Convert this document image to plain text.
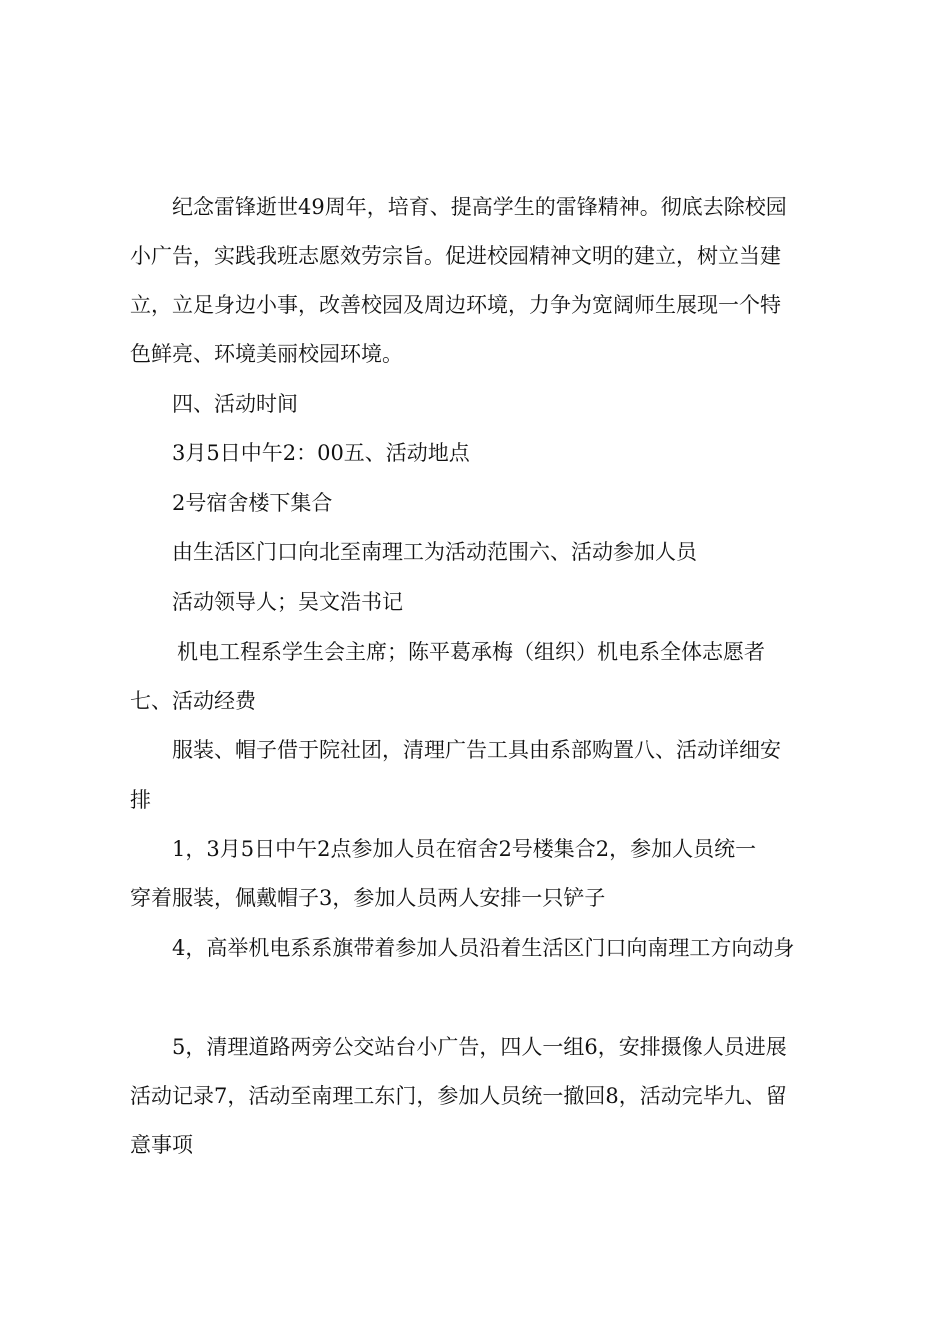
纪念雷锋逝世49周年，培育、提高学生的雷锋精神。彻底去除校园
小广告，实践我班志愿效劳宗旨。促进校园精神文明的建立，树立当建
立，立足身边小事，改善校园及周边环境，力争为宽阔师生展现一个特
色鲜亮、环境美丽校园环境。
四、活动时间
3月5日中午2：00五、活动地点
2号宿舍楼下集合
由生活区门口向北至南理工为活动范围六、活动参加人员
活动领导人；吴文浩书记
机电工程系学生会主席；陈平葛承梅（组织）机电系全体志愿者
七、活动经费
服装、帽子借于院社团，清理广告工具由系部购置八、活动详细安
排
1，3月5日中午2点参加人员在宿舍2号楼集合2，参加人员统一
穿着服装，佩戴帽子3，参加人员两人安排一只铲子
4，高举机电系系旗带着参加人员沿着生活区门口向南理工方向动身
5，清理道路两旁公交站台小广告，四人一组6，安排摄像人员进展
活动记录7，活动至南理工东门，参加人员统一撤回8，活动完毕九、留
意事项
